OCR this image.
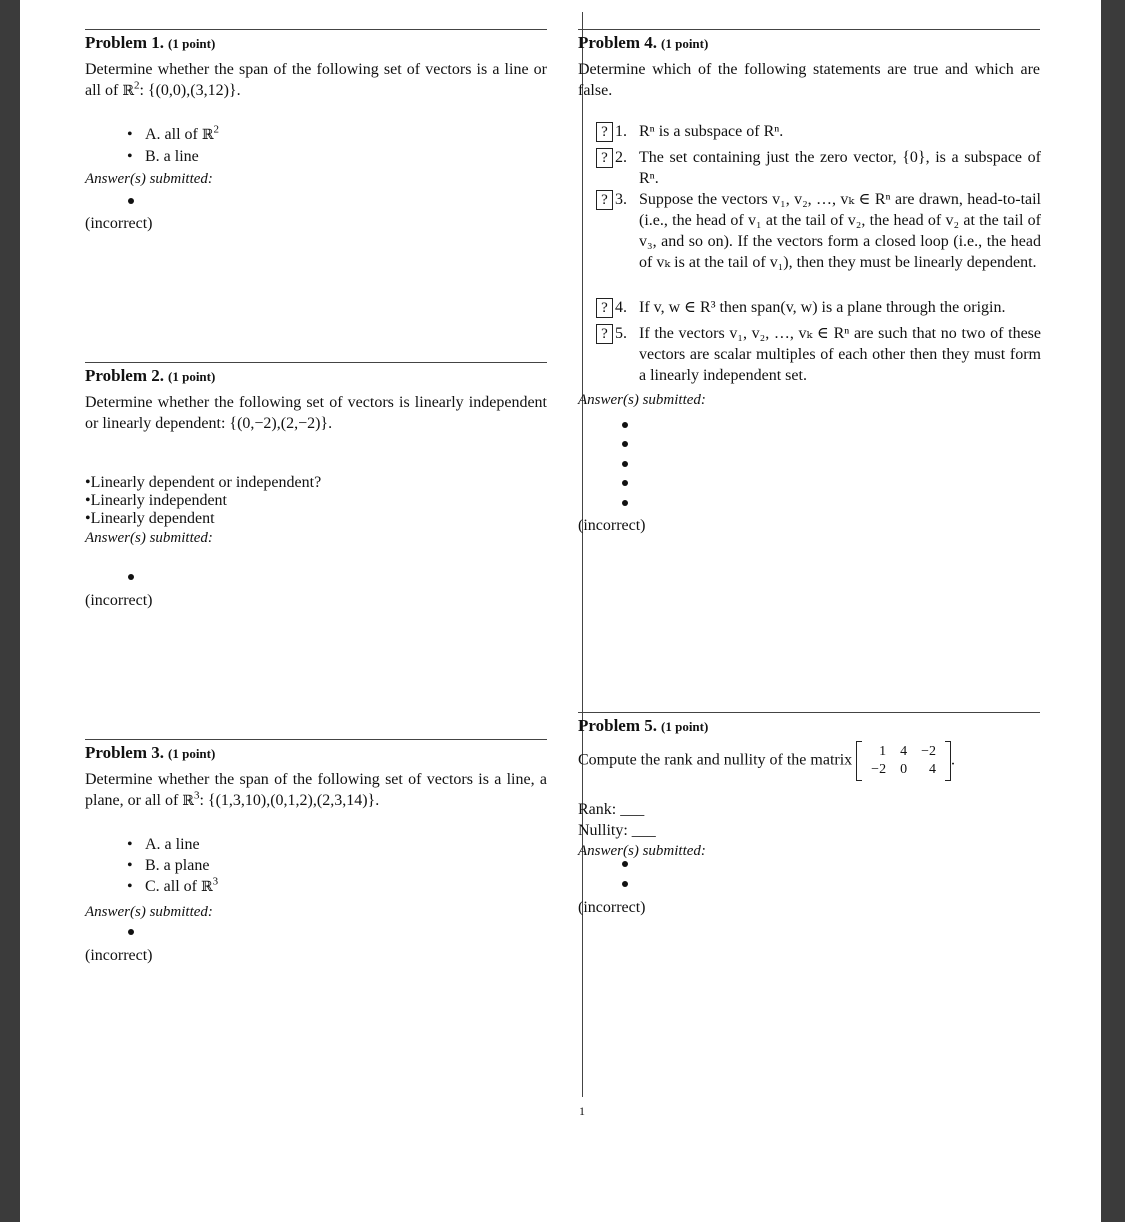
1
Problem 1. (1 point)
Determine whether the span of the following set of vectors is a line or all of ℝ$^2$: {(0,0),(3,12)}.
• A. all of ℝ$^2$
• B. a line
Answer(s) submitted:
(incorrect)
Problem 2. (1 point)
Determine whether the following set of vectors is linearly independent or linearly dependent: {(0,−2),(2,−2)}.
•Linearly dependent or independent?
•Linearly independent
•Linearly dependent
Answer(s) submitted:
(incorrect)
Problem 3. (1 point)
Determine whether the span of the following set of vectors is a line, a plane, or all of ℝ$^3$: {(1,3,10),(0,1,2),(2,3,14)}.
• A. a line
• B. a plane
• C. all of ℝ$^3$
Answer(s) submitted:
(incorrect)
Problem 4. (1 point)
Determine which of the following statements are true and which are false.
? 1. Rⁿ is a subspace of Rⁿ.
? 2. The set containing just the zero vector, {0}, is a subspace of Rⁿ.
? 3. Suppose the vectors v₁, v₂, …, vₖ ∈ Rⁿ are drawn, head-to-tail (i.e., the head of v₁ at the tail of v₂, the head of v₂ at the tail of v₃, and so on). If the vectors form a closed loop (i.e., the head of vₖ is at the tail of v₁), then they must be linearly dependent.
? 4. If v, w ∈ R³ then span(v, w) is a plane through the origin.
? 5. If the vectors v₁, v₂, …, vₖ ∈ Rⁿ are such that no two of these vectors are scalar multiples of each other then they must form a linearly independent set.
Answer(s) submitted:
(incorrect)
Problem 5. (1 point)
Compute the rank and nullity of the matrix
1	4	−2
−2	0	4
.
Rank: ___
Nullity: ___
Answer(s) submitted:
(incorrect)
